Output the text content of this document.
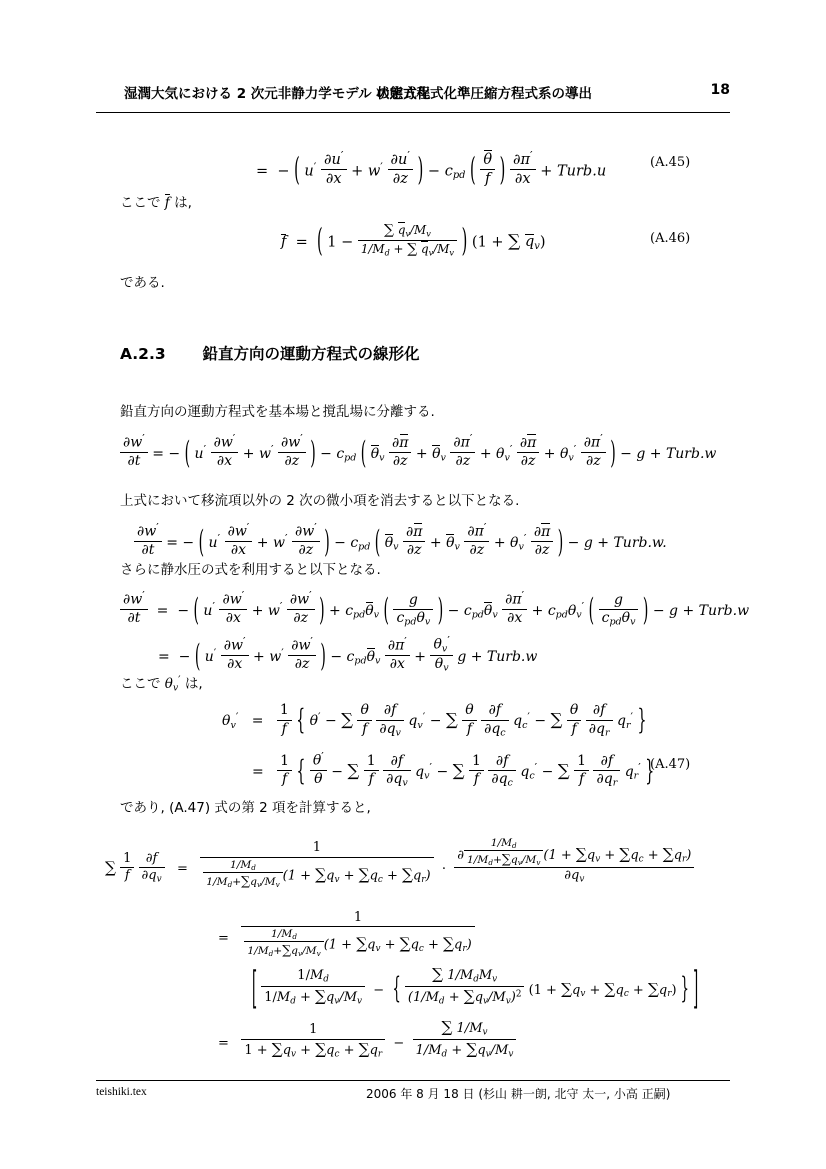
湿潤大気における 2 次元非静力学モデル の定式化
状態方程式化準圧縮方程式系の導出	18
= − ( $u' \frac{\partial u'}{\partial x} + w' \frac{\partial u'}{\partial z}$ ) − $c_{pd}$ ( $\frac{\theta}{f}$ ) $\frac{\partial\pi'}{\partial x}$ + Turb.u
(A.45)
ここで f は,
f  =  ( $1 - \frac{\sum q_v/M_v}{1/M_d + \sum q_v/M_v}$ ) (1 + ∑ $q_v$)	(A.46)
である.
A.2.3 鉛直方向の運動方程式の線形化
鉛直方向の運動方程式を基本場と撹乱場に分離する.
$\frac{\partial w'}{\partial t}$ = − ( $u' \frac{\partial w'}{\partial x} + w' \frac{\partial w'}{\partial z}$ ) − $c_{pd}$ ( $\theta_v \frac{\partial\pi}{\partial z} + \theta_v \frac{\partial\pi'}{\partial z} + \theta_v' \frac{\partial\pi}{\partial z} + \theta_v' \frac{\partial\pi'}{\partial z}$ ) − g + Turb.w
上式において移流項以外の 2 次の微小項を消去すると以下となる.
$\frac{\partial w'}{\partial t}$ = − ( $u' \frac{\partial w'}{\partial x} + w' \frac{\partial w'}{\partial z}$ ) − $c_{pd}$ ( $\theta_v \frac{\partial\pi}{\partial z} + \theta_v \frac{\partial\pi'}{\partial z} + \theta_v' \frac{\partial\pi}{\partial z}$ ) − g + Turb.w.
さらに静水圧の式を利用すると以下となる.
$\frac{\partial w'}{\partial t}$ =  − ( $u' \frac{\partial w'}{\partial x} + w' \frac{\partial w'}{\partial z}$ ) + $c_{pd}\theta_v$ ( $\frac{g}{c_{pd}\theta_v}$ ) − $c_{pd}\theta_v \frac{\partial\pi'}{\partial x} + c_{pd}\theta_v'$ ( $\frac{g}{c_{pd}\theta_v}$ ) − g + Turb.w
=  − ( $u' \frac{\partial w'}{\partial x} + w' \frac{\partial w'}{\partial z}$ ) − $c_{pd}\theta_v \frac{\partial\pi'}{\partial x} + \frac{\theta_v'}{\theta_v}$ g + Turb.w
ここで $\theta_v'$ は,
$\theta_v' = \frac{1}{f}$ { θ′ − ∑ $\frac{\theta}{f}$
$\frac{\partial f}{\partial q_v} q_v'$ − ∑ $\frac{\theta}{f}$
$\frac{\partial f}{\partial q_c} q_c'$ − ∑ $\frac{\theta}{f}$
$\frac{\partial f}{\partial q_r} q_r'$ }
= $\frac{1}{f}$ { $\frac{\theta'}{\theta}$ − ∑ $\frac{1}{f}$
$\frac{\partial f}{\partial q_v} q_v'$ − ∑ $\frac{1}{f}$
$\frac{\partial f}{\partial q_c} q_c'$ − ∑ $\frac{1}{f}$
$\frac{\partial f}{\partial q_r} q_r'$ }
(A.47)
であり, (A.47) 式の第 2 項を計算すると,
∑ $\frac{1}{f}$
$\frac{\partial f}{\partial q_v} = \frac{1}{\frac{1/M_d}{1/M_d+\sum q_v/M_v} (1 + \sum q_v + \sum q_c + \sum q_r)} \cdot \frac{\partial \frac{1/M_d}{1/M_d+\sum q_v/M_v} (1 + \sum q_v + \sum q_c + \sum q_r)}{\partial q_v}$
= $\frac{1}{\frac{1/M_d}{1/M_d+\sum q_v/M_v} (1 + \sum q_v + \sum q_c + \sum q_r)}$
[ $\frac{1/M_d}{1/M_d + \sum q_v/M_v}$ −  { $\frac{\sum 1/M_dM_v}{(1/M_d + \sum q_v/M_v)^2} (1 + \sum q_v + \sum q_c + \sum q_r)$ } ]
= $\frac{1}{1 + \sum q_v + \sum q_c + \sum q_r} - \frac{\sum 1/M_v}{1/M_d + \sum q_v/M_v}$
teishiki.tex	2006 年 8 月 18 日 (杉山 耕一朗, 北守 太一, 小高 正嗣)
